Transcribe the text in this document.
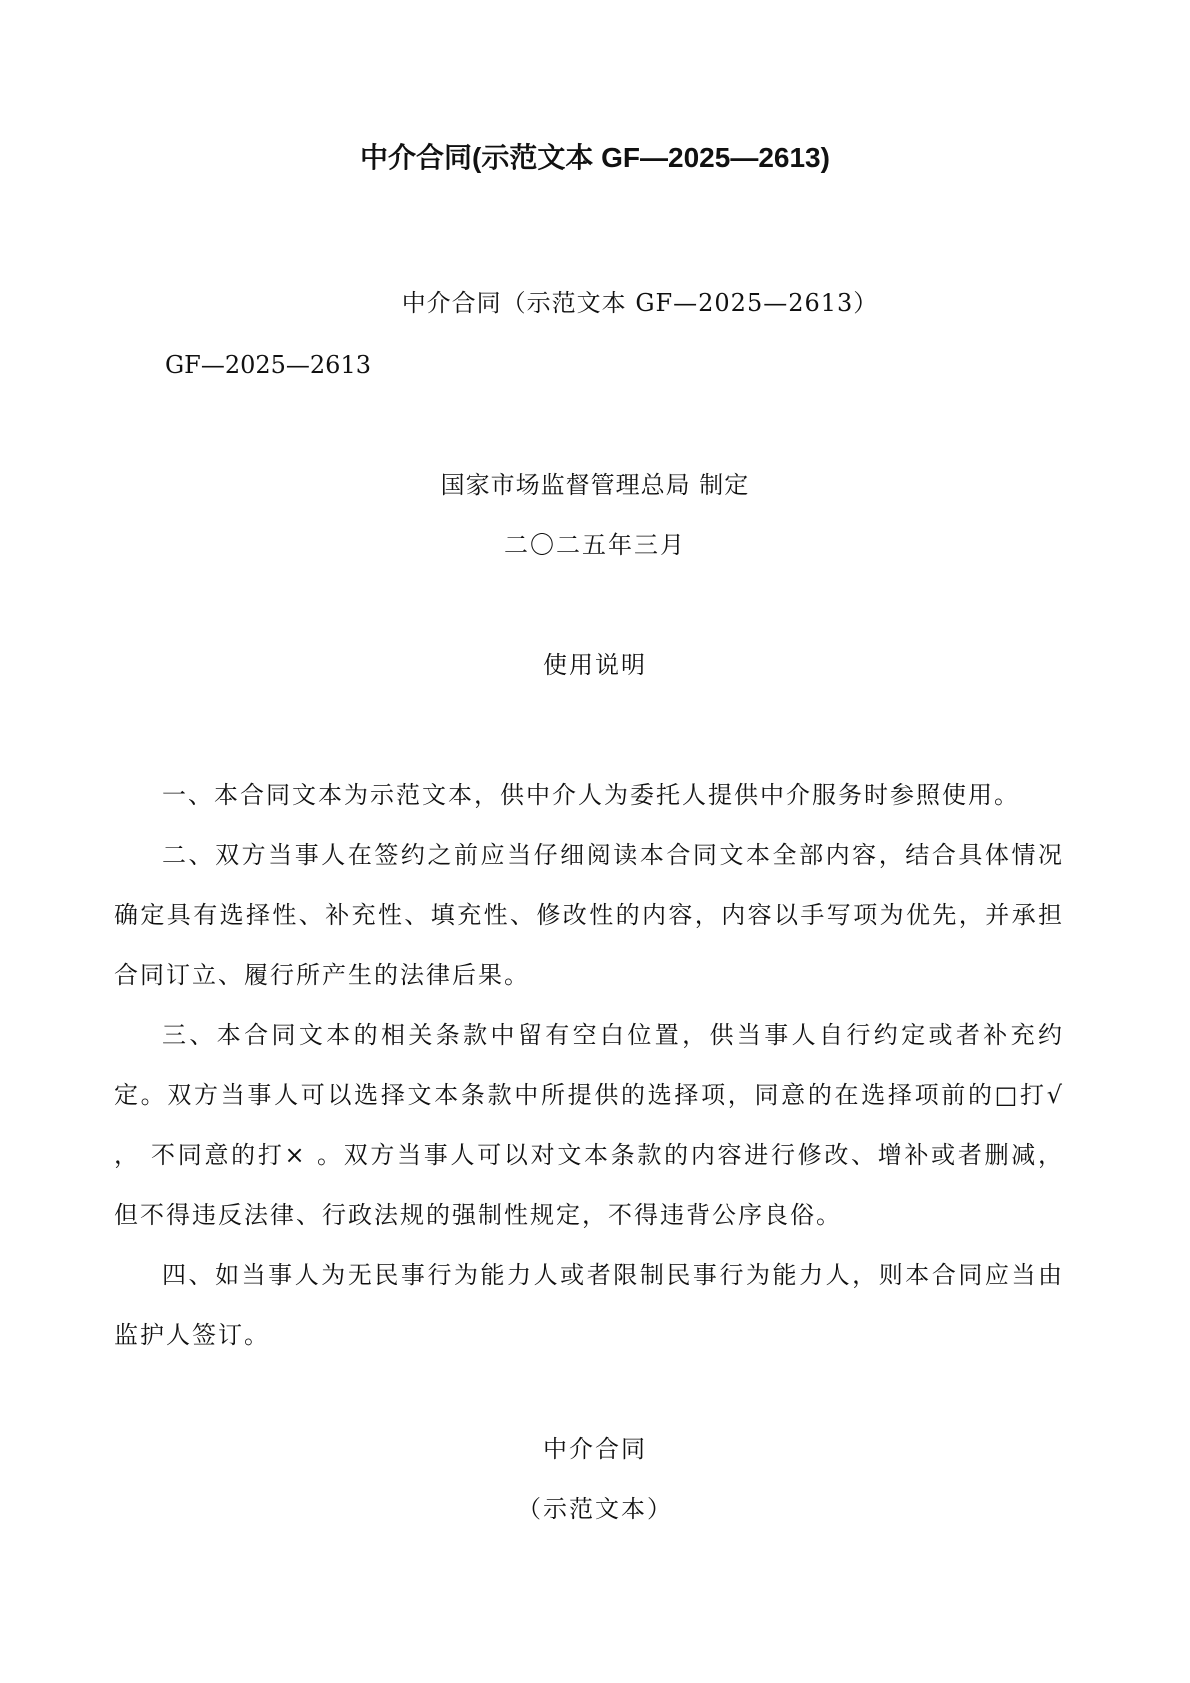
中介合同(示范文本 GF—2025—2613)
中介合同（示范文本 GF—2025—2613）
GF—2025—2613
国家市场监督管理总局 制定
二〇二五年三月
使用说明

一、本合同文本为示范文本，供中介人为委托人提供中介服务时参照使用。

二、双方当事人在签约之前应当仔细阅读本合同文本全部内容，结合具体情况确定具有选择性、补充性、填充性、修改性的内容，内容以手写项为优先，并承担合同订立、履行所产生的法律后果。

三、本合同文本的相关条款中留有空白位置，供当事人自行约定或者补充约定。双方当事人可以选择文本条款中所提供的选择项，同意的在选择项前的□打√ ， 不同意的打× 。双方当事人可以对文本条款的内容进行修改、增补或者删减，但不得违反法律、行政法规的强制性规定，不得违背公序良俗。

四、如当事人为无民事行为能力人或者限制民事行为能力人，则本合同应当由监护人签订。

中介合同
（示范文本）
